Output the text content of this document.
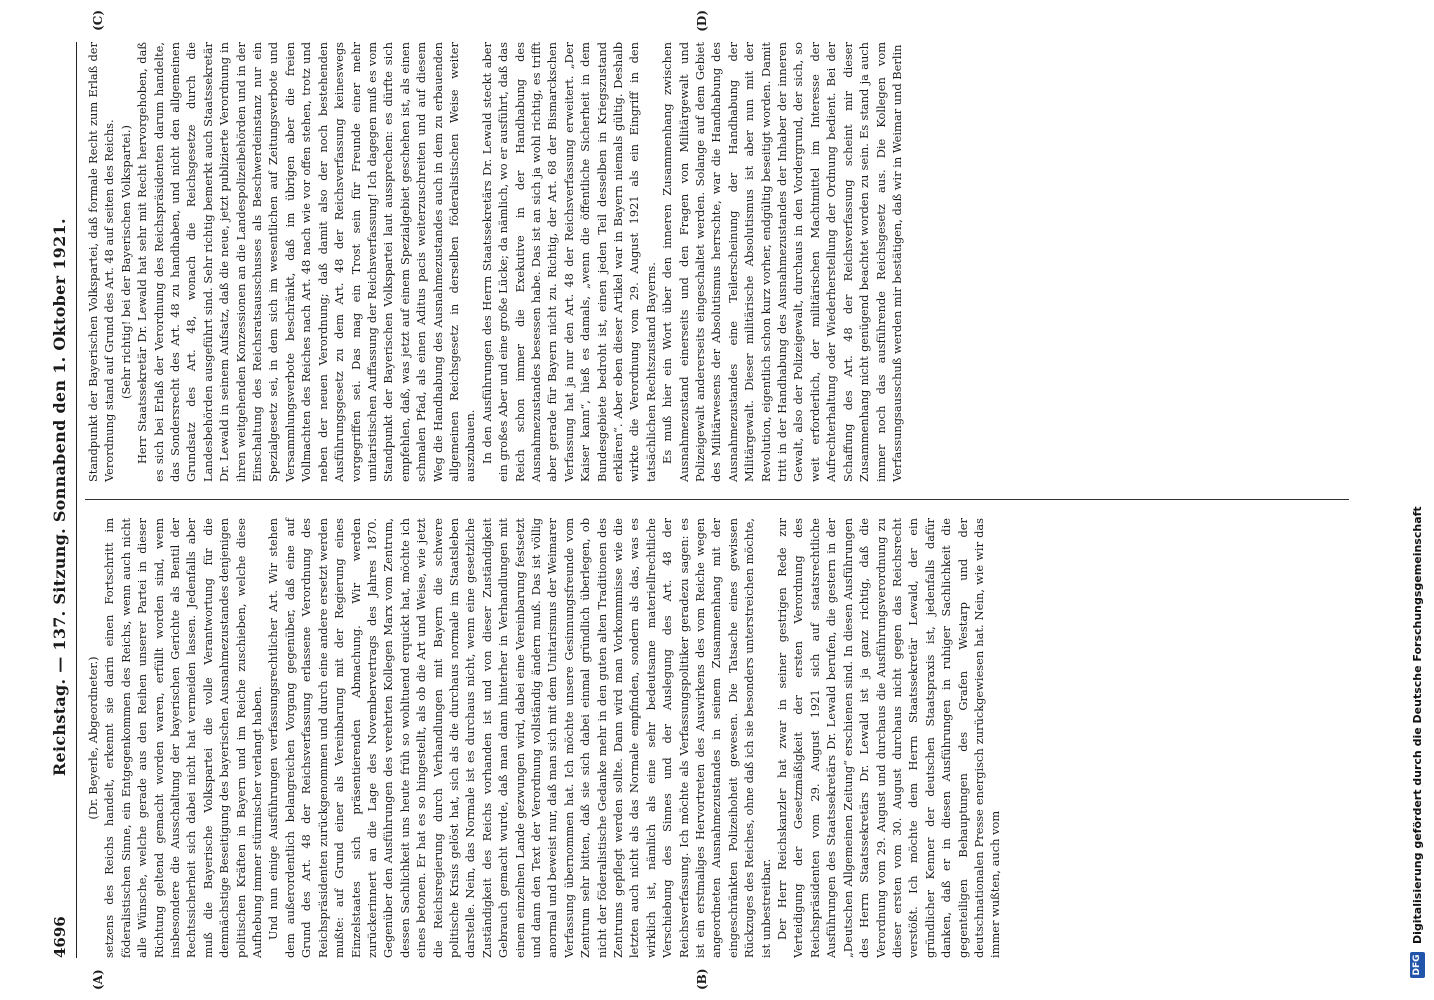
4696
Reichstag. — 137. Sitzung. Sonnabend den 1. Oktober 1921. (Dr. Beyerle, Abgeordneter.) setzens des Reichs handelt, erkennt sie darin einen Fortschritt im föderalistischen Sinne, ein Entgegenkommen des Reichs, wenn auch nicht alle Wünsche, welche gerade aus den Reihen unserer Partei in dieser Richtung geltend gemacht worden waren, erfüllt worden sind, wenn insbesondere die Ausschaltung der bayerischen Gerichte als Bentil der Rechtssicherheit sich dabei nicht hat vermeiden lassen. Jedenfalls aber muß die Bayerische Volkspartei die volle Verantwortung für die demnächstige Beseitigung des bayerischen Ausnahmezustandes denjenigen politischen Kräften in Bayern und im Reiche zuschieben, welche diese Aufhebung immer stürmischer verlangt haben. Und nun einige Ausführungen verfassungsrechtlicher Art. Wir stehen dem außerordentlich belangreichen Vorgang gegenüber, daß eine auf Grund des Art. 48 der Reichsverfassung erlassene Verordnung des Reichspräsidenten zurückgenommen und durch eine andere ersetzt werden mußte: auf Grund einer als Vereinbarung mit der Regierung eines Einzelstaates sich präsentierenden Abmachung. Wir werden zurückerinnert an die Lage des Novembervertrags des Jahres 1870. Gegenüber den Ausführungen des verehrten Kollegen Marx vom Zentrum, dessen Sachlichkeit uns heute früh so wohltuend erquickt hat, möchte ich eines betonen. Er hat es so hingestellt, als ob die Art und Weise, wie jetzt die Reichsregierung durch Verhandlungen mit Bayern die schwere politische Krisis gelöst hat, sich als die durchaus normale im Staatsleben darstelle. Nein, das Normale ist es durchaus nicht, wenn eine gesetzliche Zuständigkeit des Reichs vorhanden ist und von dieser Zuständigkeit Gebrauch gemacht wurde, daß man dann hinterher in Verhandlungen mit einem einzelnen Lande gezwungen wird, dabei eine Vereinbarung festsetzt und dann den Text der Verordnung vollständig ändern muß. Das ist völlig anormal und beweist nur, daß man sich mit dem Unitarismus der Weimarer Verfassung übernommen hat. Ich möchte unsere Gesinnungsfreunde vom Zentrum sehr bitten, daß sie sich dabei einmal gründlich überlegen, ob nicht der föderalistische Gedanke mehr in den guten alten Traditionen des Zentrums gepflegt werden sollte. Dann wird man Vorkommnisse wie die letzten auch nicht als das Normale empfinden, sondern als das, was es wirklich ist, nämlich als eine sehr bedeutsame materiellrechtliche Verschiebung des Sinnes und der Auslegung des Art. 48 der Reichsverfassung. Ich möchte als Verfassungspolitiker geradezu sagen: es ist ein erstmaliges Hervortreten des Auswirkens des vom Reiche wegen angeordneten Ausnahmezustandes in seinem Zusammenhang mit der eingeschränkten Polizeihoheit gewesen. Die Tatsache eines gewissen Rückzuges des Reiches, ohne daß ich sie besonders unterstreichen möchte, ist unbestreitbar. Der Herr Reichskanzler hat zwar in seiner gestrigen Rede zur Verteidigung der Gesetzmäßigkeit der ersten Verordnung des Reichspräsidenten vom 29. August 1921 sich auf staatsrechtliche Ausführungen des Staatssekretärs Dr. Lewald berufen, die gestern in der „Deutschen Allgemeinen Zeitung“ erschienen sind. In diesen Ausführungen des Herrn Staatssekretärs Dr. Lewald ist ja ganz richtig, daß die Verordnung vom 29. August und durchaus die Ausführungsverordnung zu dieser ersten vom 30. August durchaus nicht gegen das Reichsrecht verstößt. Ich möchte dem Herrn Staatssekretär Lewald, der ein gründlicher Kenner der deutschen Staatspraxis ist, jedenfalls dafür danken, daß er in diesen Ausführungen in ruhiger Sachlichkeit die gegenteiligen Behauptungen des Grafen Westarp und der deutschnationalen Presse energisch zurückgewiesen hat. Nein, wie wir das immer wußten, auch vom

Standpunkt der Bayerischen Volkspartei, daß formale Recht zum Erlaß der Verordnung stand auf Grund des Art. 48 auf seiten des Reichs. (Sehr richtig! bei der Bayerischen Volkspartei.) Herr Staatssekretär Dr. Lewald hat sehr mit Recht hervorgehoben, daß es sich bei Erlaß der Verordnung des Reichspräsidenten darum handelte, das Sondersrecht des Art. 48 zu handhaben, und nicht den allgemeinen Grundsatz des Art. 48, wonach die Reichsgesetze durch die Landesbehörden ausgeführt sind. Sehr richtig bemerkt auch Staatssekretär Dr. Lewald in seinem Aufsatz, daß die neue, jetzt publizierte Verordnung in ihren weitgehenden Konzessionen an die Landespolizeibehörden und in der Einschaltung des Reichsratsausschusses als Beschwerdeinstanz nur ein Spezialgesetz sei, in dem sich im wesentlichen auf Zeitungsverbote und Versammlungsverbote beschränkt, daß im übrigen aber die freien Vollmachten des Reiches nach Art. 48 nach wie vor offen stehen, trotz und neben der neuen Verordnung; daß damit also der noch bestehenden Ausführungsgesetz zu dem Art. 48 der Reichsverfassung keineswegs vorgegriffen sei. Das mag ein Trost sein für Freunde einer mehr unitaristischen Auffassung der Reichsverfassung! Ich dagegen muß es vom Standpunkt der Bayerischen Volkspartei laut aussprechen: es dürfte sich empfehlen, daß, was jetzt auf einem Spezialgebiet geschehen ist, als einen schmalen Pfad, als einen Aditus pacis weiterzuschreiten und auf diesem Weg die Handhabung des Ausnahmezustandes auch in dem zu erbauenden allgemeinen Reichsgesetz in derselben föderalistischen Weise weiter auszubauen. In den Ausführungen des Herrn Staatssekretärs Dr. Lewald steckt aber ein großes Aber und eine große Lücke; da nämlich, wo er ausführt, daß das Reich schon immer die Exekutive in der Handhabung des Ausnahmezustandes besessen habe. Das ist an sich ja wohl richtig, es trifft aber gerade für Bayern nicht zu. Richtig, der Art. 68 der Bismarckschen Verfassung hat ja nur den Art. 48 der Reichsverfassung erweitert. „Der Kaiser kann“, hieß es damals, „wenn die öffentliche Sicherheit in dem Bundesgebiete bedroht ist, einen jeden Teil desselben in Kriegszustand erklären“. Aber eben dieser Artikel war in Bayern niemals gültig. Deshalb wirkte die Verordnung vom 29. August 1921 als ein Eingriff in den tatsächlichen Rechtszustand Bayerns. Es muß hier ein Wort über den inneren Zusammenhang zwischen Ausnahmezustand einerseits und den Fragen von Militärgewalt und Polizeigewalt andererseits eingeschaltet werden. Solange auf dem Gebiet des Militärwesens der Absolutismus herrschte, war die Handhabung des Ausnahmezustandes eine Teilerscheinung der Handhabung der Militärgewalt. Dieser militärische Absolutismus ist aber nun mit der Revolution, eigentlich schon kurz vorher, endgültig beseitigt worden. Damit tritt in der Handhabung des Ausnahmezustandes der Inhaber der inneren Gewalt, also der Polizeigewalt, durchaus in den Vordergrund, der sich, so weit erforderlich, der militärischen Machtmittel im Interesse der Aufrechterhaltung oder Wiederherstellung der Ordnung bedient. Bei der Schaffung des Art. 48 der Reichsverfassung scheint mir dieser Zusammenhang nicht genügend beachtet worden zu sein. Es stand ja auch immer noch das ausführende Reichsgesetz aus. Die Kollegen vom Verfassungsausschuß werden mir bestätigen, daß wir in Weimar und Berlin

(A)	(B)
(C)	(D)
DFG
Digitalisierung gefördert durch die Deutsche Forschungsgemeinschaft
